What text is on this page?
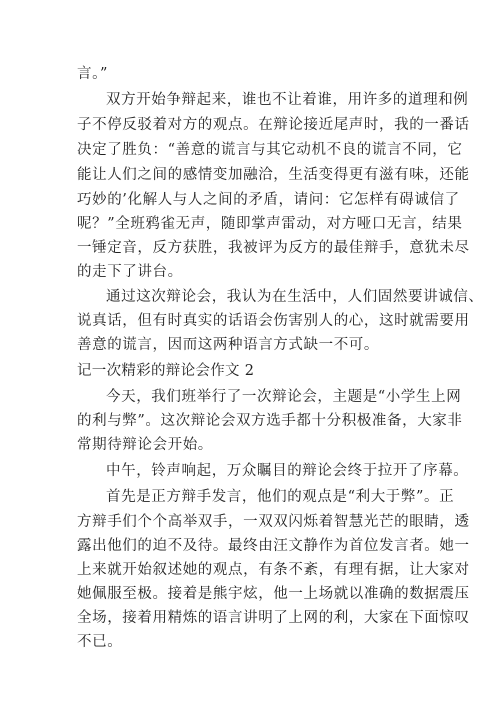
言。”
双方开始争辩起来，谁也不让着谁，用许多的道理和例
子不停反驳着对方的观点。在辩论接近尾声时，我的一番话
决定了胜负：“善意的谎言与其它动机不良的谎言不同，它
能让人们之间的感情变加融洽，生活变得更有滋有味，还能
巧妙的’化解人与人之间的矛盾，请问：它怎样有碍诚信了
呢？”全班鸦雀无声，随即掌声雷动，对方哑口无言，结果
一锤定音，反方获胜，我被评为反方的最佳辩手，意犹未尽
的走下了讲台。
通过这次辩论会，我认为在生活中，人们固然要讲诚信、
说真话，但有时真实的话语会伤害别人的心，这时就需要用
善意的谎言，因而这两种语言方式缺一不可。
记一次精彩的辩论会作文 2
今天，我们班举行了一次辩论会，主题是“小学生上网
的利与弊”。这次辩论会双方选手都十分积极准备，大家非
常期待辩论会开始。
中午，铃声响起，万众瞩目的辩论会终于拉开了序幕。
首先是正方辩手发言，他们的观点是“利大于弊”。正
方辩手们个个高举双手，一双双闪烁着智慧光芒的眼睛，透
露出他们的迫不及待。最终由汪文静作为首位发言者。她一
上来就开始叙述她的观点，有条不紊，有理有据，让大家对
她佩服至极。接着是熊宇炫，他一上场就以准确的数据震压
全场，接着用精炼的语言讲明了上网的利，大家在下面惊叹
不已。
